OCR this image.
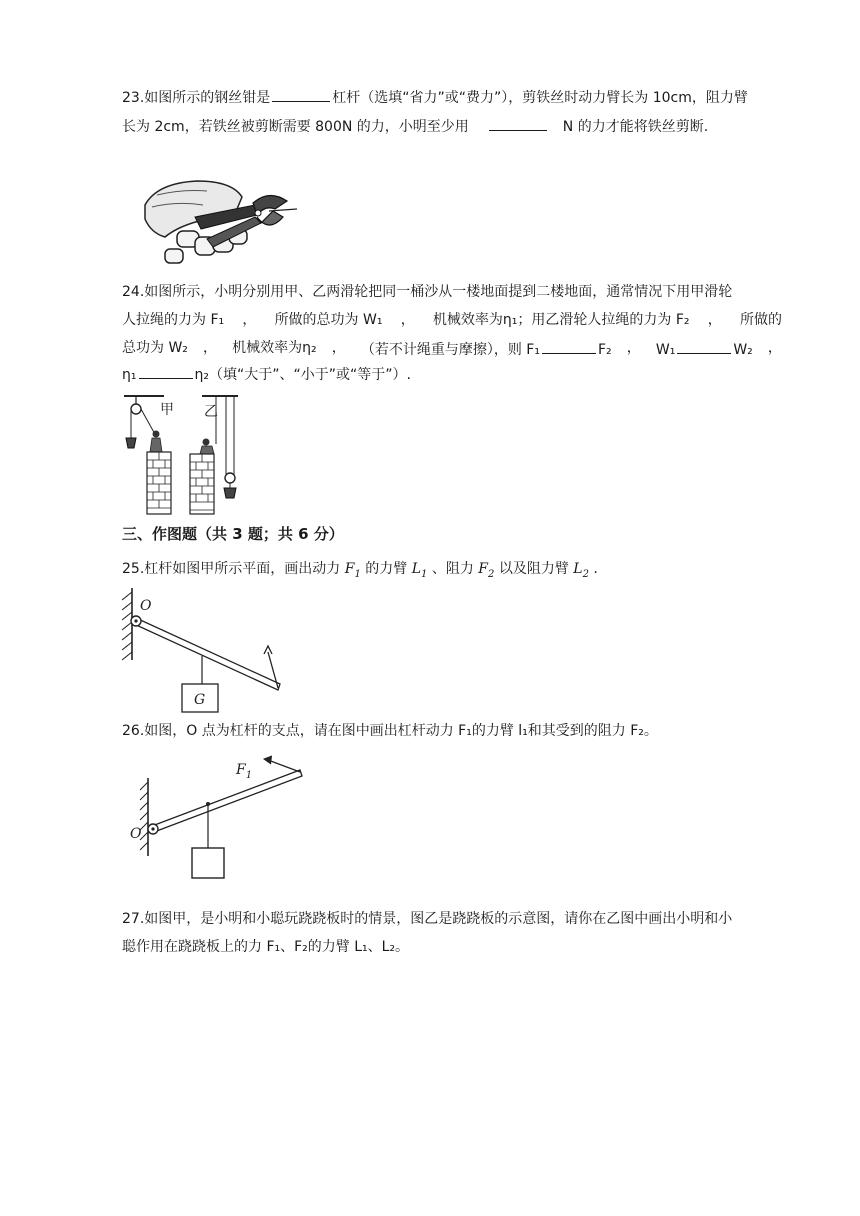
23.如图所示的钢丝钳是	杠杆（选填“省力”或“费力”），剪铁丝时动力臂长为 10cm，阻力臂
长为 2cm，若铁丝被剪断需要 800N 的力，小明至少用	N 的力才能将铁丝剪断.
24.如图所示，小明分别用甲、乙两滑轮把同一桶沙从一楼地面提到二楼地面，通常情况下用甲滑轮
人拉绳的力为 F₁ ， 所做的总功为 W₁ ， 机械效率为η₁；用乙滑轮人拉绳的力为 F₂ ， 所做的
总功为 W₂ ， 机械效率为η₂ ， （若不计绳重与摩擦），则 F₁	F₂ ， W₁	W₂ ，
η₁	η₂（填“大于”、“小于”或“等于”）.
甲 乙
三、作图题（共 3 题；共 6 分）
25.杠杆如图甲所示平面，画出动力 $F_1$ 的力臂 $L_1$ 、阻力 $F_2$ 以及阻力臂 $L_2$ .
O
G
26.如图，O 点为杠杆的支点，请在图中画出杠杆动力 F₁的力臂 l₁和其受到的阻力 F₂。
O
$F_1$
27.如图甲，是小明和小聪玩跷跷板时的情景，图乙是跷跷板的示意图，请你在乙图中画出小明和小
聪作用在跷跷板上的力 F₁、F₂的力臂 L₁、L₂。
